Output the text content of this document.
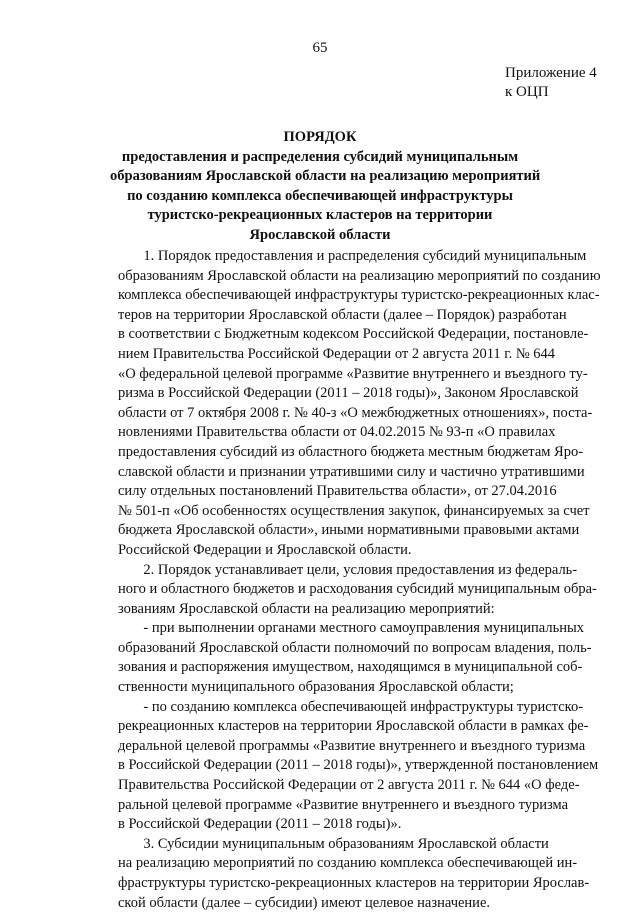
65
Приложение 4
к ОЦП
ПОРЯДОК
предоставления и распределения субсидий муниципальным
образованиям Ярославской области на реализацию мероприятий
по созданию комплекса обеспечивающей инфраструктуры
туристско-рекреационных кластеров на территории
Ярославской области
1. Порядок предоставления и распределения субсидий муниципальным
образованиям Ярославской области на реализацию мероприятий по созданию
комплекса обеспечивающей инфраструктуры туристско-рекреационных клас-
теров на территории Ярославской области (далее – Порядок) разработан
в соответствии с Бюджетным кодексом Российской Федерации, постановле-
нием Правительства Российской Федерации от 2 августа 2011 г. № 644
«О федеральной целевой программе «Развитие внутреннего и въездного ту-
ризма в Российской Федерации (2011 – 2018 годы)», Законом Ярославской
области от 7 октября 2008 г. № 40-з «О межбюджетных отношениях», поста-
новлениями Правительства области от 04.02.2015 № 93-п «О правилах
предоставления субсидий из областного бюджета местным бюджетам Яро-
славской области и признании утратившими силу и частично утратившими
силу отдельных постановлений Правительства области», от 27.04.2016
№ 501-п «Об особенностях осуществления закупок, финансируемых за счет
бюджета Ярославской области», иными нормативными правовыми актами
Российской Федерации и Ярославской области.
2. Порядок устанавливает цели, условия предоставления из федераль-
ного и областного бюджетов и расходования субсидий муниципальным обра-
зованиям Ярославской области на реализацию мероприятий:
- при выполнении органами местного самоуправления муниципальных
образований Ярославской области полномочий по вопросам владения, поль-
зования и распоряжения имуществом, находящимся в муниципальной соб-
ственности муниципального образования Ярославской области;
- по созданию комплекса обеспечивающей инфраструктуры туристско-
рекреационных кластеров на территории Ярославской области в рамках фе-
деральной целевой программы «Развитие внутреннего и въездного туризма
в Российской Федерации (2011 – 2018 годы)», утвержденной постановлением
Правительства Российской Федерации от 2 августа 2011 г. № 644 «О феде-
ральной целевой программе «Развитие внутреннего и въездного туризма
в Российской Федерации (2011 – 2018 годы)».
3. Субсидии муниципальным образованиям Ярославской области
на реализацию мероприятий по созданию комплекса обеспечивающей ин-
фраструктуры туристско-рекреационных кластеров на территории Ярослав-
ской области (далее – субсидии) имеют целевое назначение.
